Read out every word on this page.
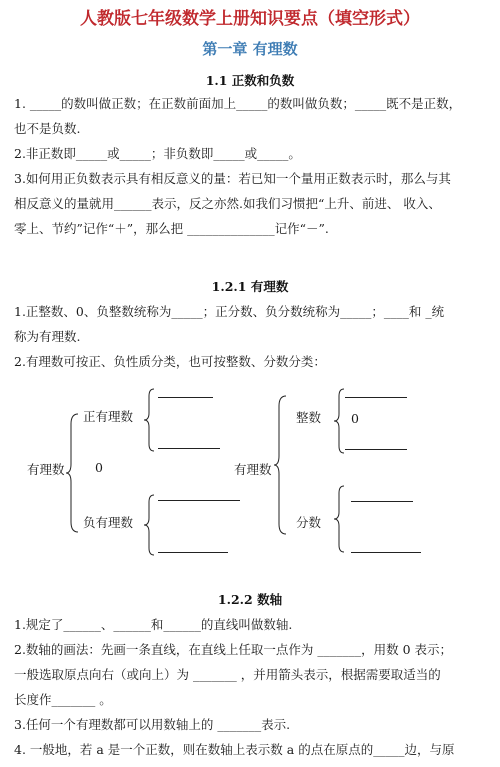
人教版七年级数学上册知识要点（填空形式）
第一章 有理数
1.1 正数和负数
1. _____的数叫做正数；在正数前面加上_____的数叫做负数；_____既不是正数，
也不是负数.
2.非正数即_____或_____；非负数即_____或_____。
3.如何用正负数表示具有相反意义的量：若已知一个量用正数表示时，那么与其
相反意义的量就用______表示，反之亦然.如我们习惯把“上升、前进、 收入、
零上、节约”记作“＋”，那么把 ______________记作“－”.
1.2.1 有理数
1.正整数、0、负整数统称为_____；正分数、负分数统称为_____；____和 _统
称为有理数.
2.有理数可按正、负性质分类，也可按整数、分数分类：
有理数
正有理数
0
负有理数
有理数
整数
分数
0
1.2.2 数轴
1.规定了______、______和______的直线叫做数轴.
2.数轴的画法：先画一条直线，在直线上任取一点作为 _______，用数 0 表示；
一般选取原点向右（或向上）为 _______ ，并用箭头表示，根据需要取适当的
长度作_______ 。
3.任何一个有理数都可以用数轴上的 _______表示.
4. 一般地，若 a 是一个正数，则在数轴上表示数 a 的点在原点的_____边，与原
